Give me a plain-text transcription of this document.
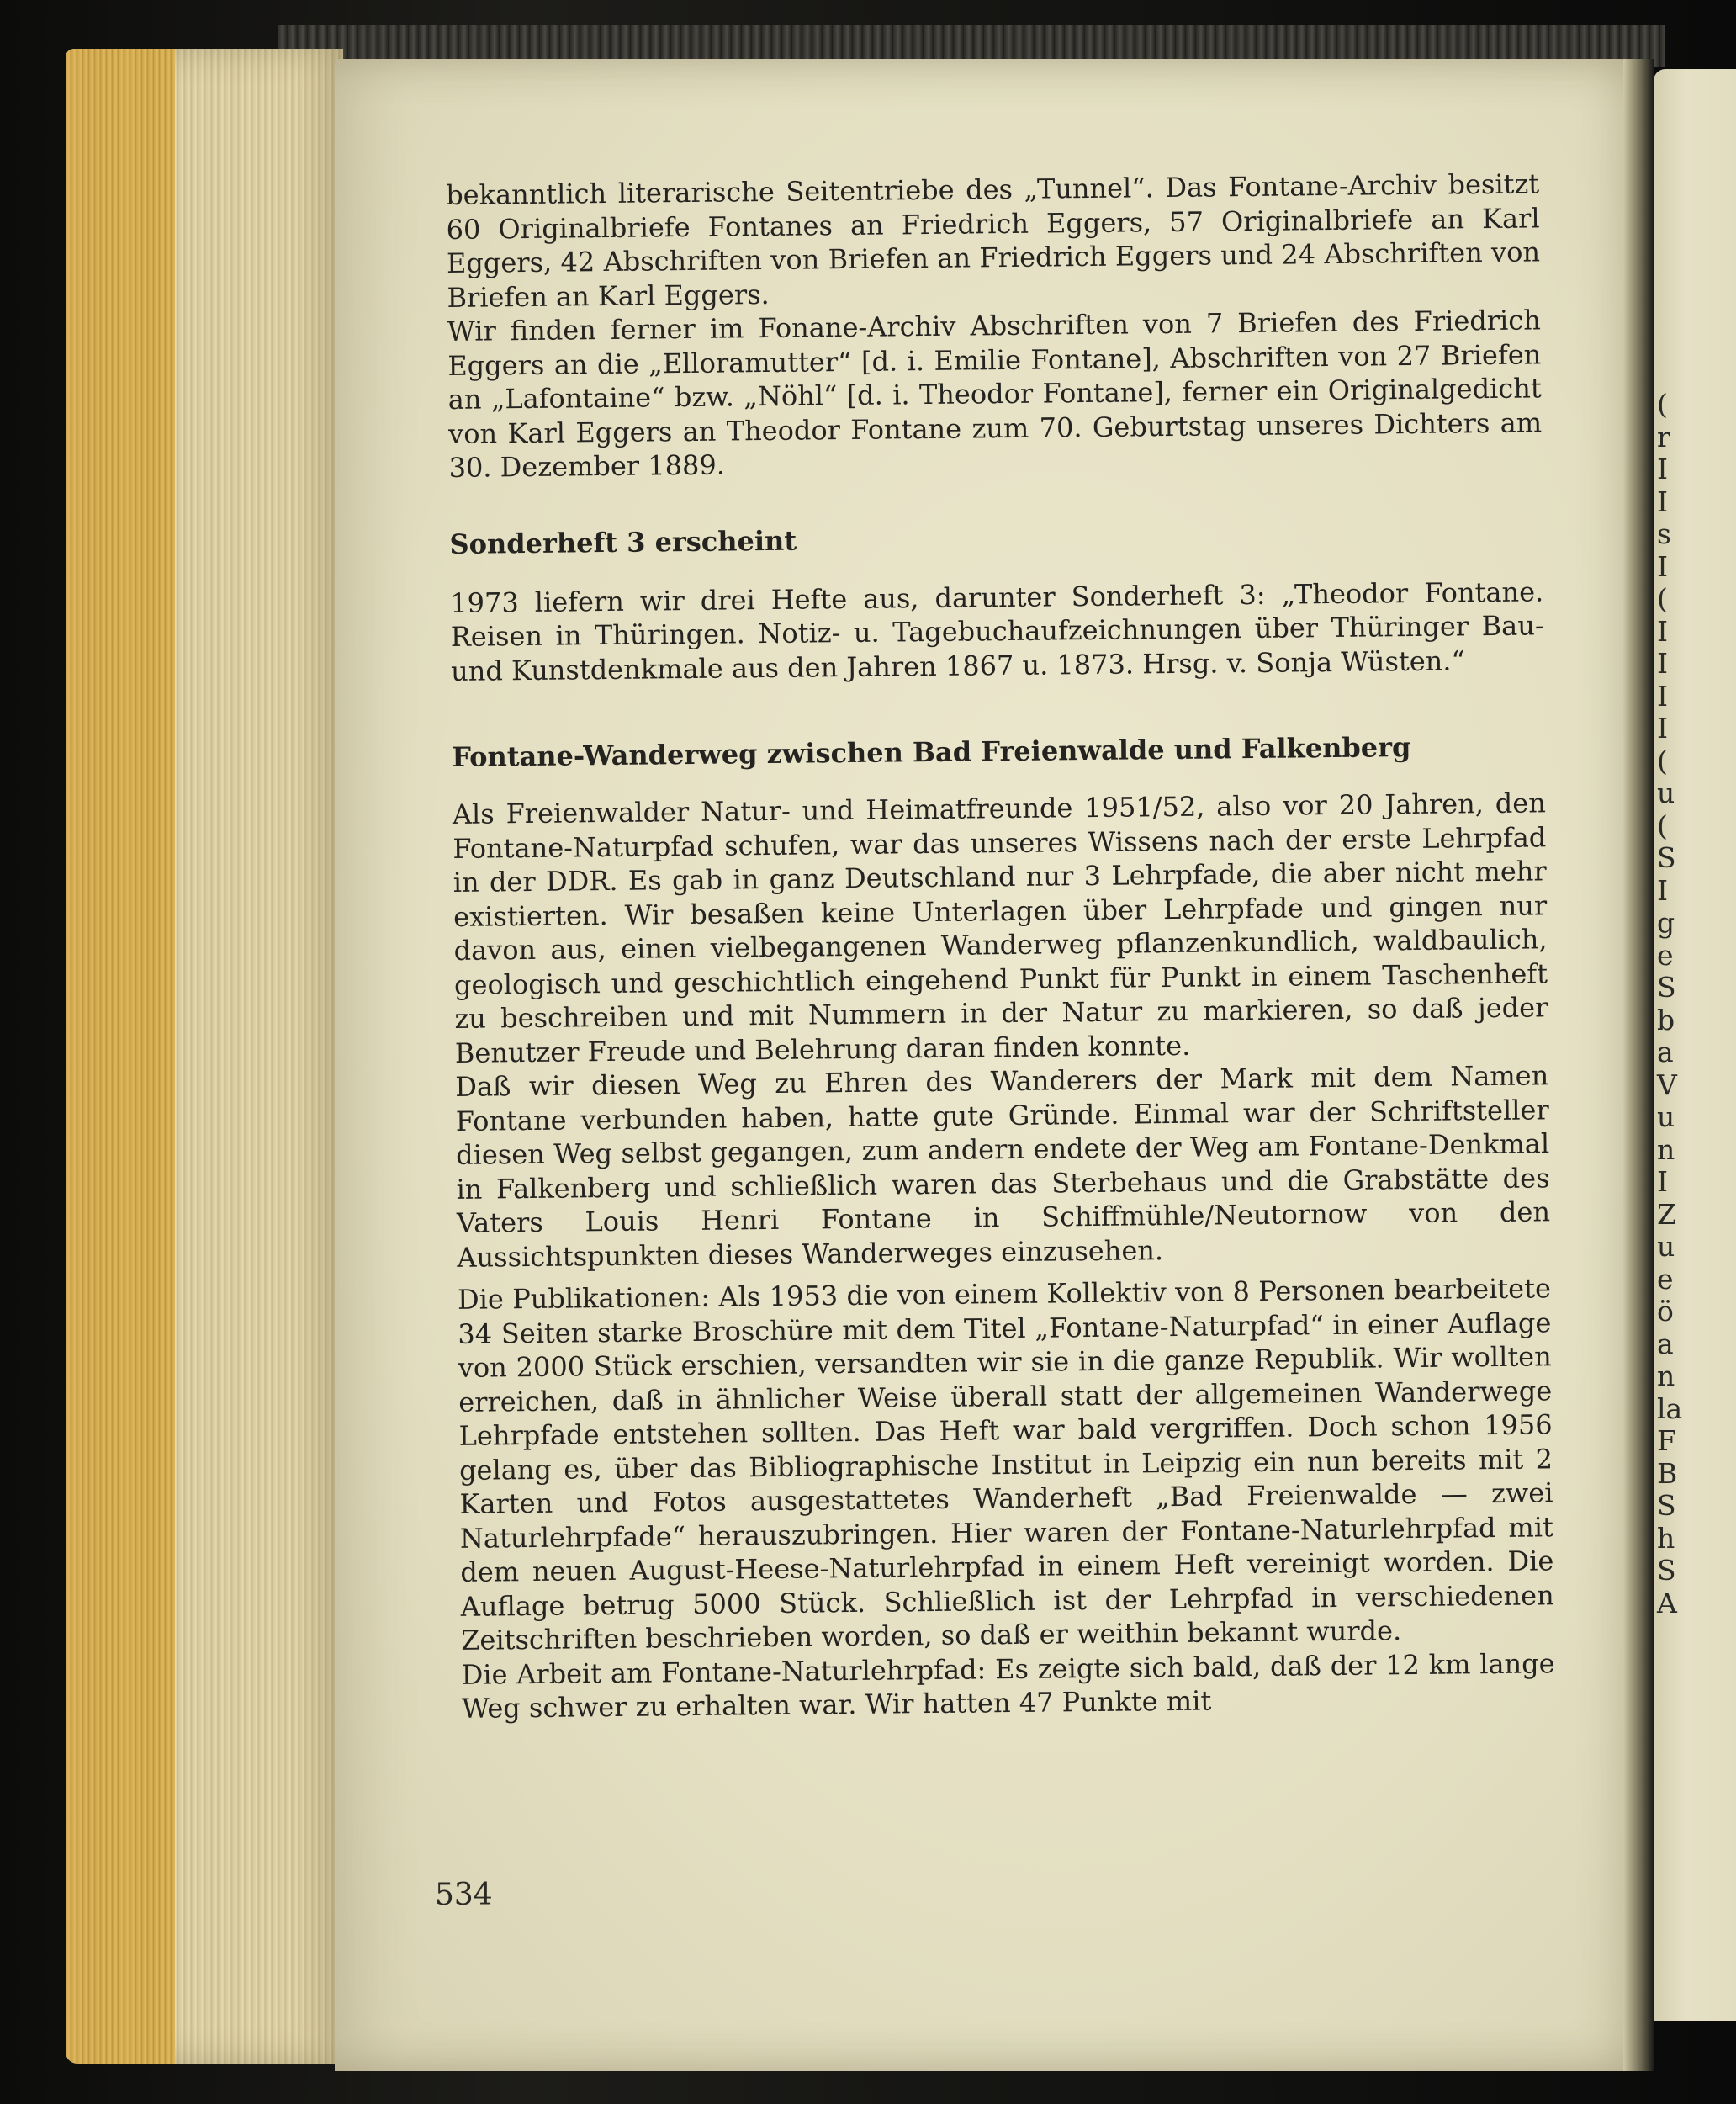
(
r
I
I
s
I
(
I
I
I
I
(
u
(
S
I
g
e
S
b
a
V
u
n
I
Z
u
e
ö
a
n
la
F
B
S
h
S
A

bekanntlich literarische Seitentriebe des „Tunnel“. Das Fontane-Archiv besitzt 60 Originalbriefe Fontanes an Friedrich Eggers, 57 Originalbriefe an Karl Eggers, 42 Abschriften von Briefen an Friedrich Eggers und 24 Abschriften von Briefen an Karl Eggers.

Wir finden ferner im Fonane-Archiv Abschriften von 7 Briefen des Friedrich Eggers an die „Elloramutter“ [d. i. Emilie Fontane], Abschriften von 27 Briefen an „Lafontaine“ bzw. „Nöhl“ [d. i. Theodor Fontane], ferner ein Originalgedicht von Karl Eggers an Theodor Fontane zum 70. Geburtstag unseres Dichters am 30. Dezember 1889.

Sonderheft 3 erscheint

1973 liefern wir drei Hefte aus, darunter Sonderheft 3: „Theodor Fontane. Reisen in Thüringen. Notiz- u. Tagebuchaufzeichnungen über Thüringer Bau- und Kunstdenkmale aus den Jahren 1867 u. 1873. Hrsg. v. Sonja Wüsten.“

Fontane-Wanderweg zwischen Bad Freienwalde und Falkenberg

Als Freienwalder Natur- und Heimatfreunde 1951/52, also vor 20 Jahren, den Fontane-Naturpfad schufen, war das unseres Wissens nach der erste Lehrpfad in der DDR. Es gab in ganz Deutschland nur 3 Lehrpfade, die aber nicht mehr existierten. Wir besaßen keine Unterlagen über Lehrpfade und gingen nur davon aus, einen vielbegangenen Wanderweg pflanzenkundlich, waldbaulich, geologisch und geschichtlich eingehend Punkt für Punkt in einem Taschenheft zu beschreiben und mit Nummern in der Natur zu markieren, so daß jeder Benutzer Freude und Belehrung daran finden konnte.

Daß wir diesen Weg zu Ehren des Wanderers der Mark mit dem Namen Fontane verbunden haben, hatte gute Gründe. Einmal war der Schriftsteller diesen Weg selbst gegangen, zum andern endete der Weg am Fontane-Denkmal in Falkenberg und schließlich waren das Sterbehaus und die Grabstätte des Vaters Louis Henri Fontane in Schiffmühle/Neutornow von den Aussichtspunkten dieses Wanderweges einzusehen.

Die Publikationen: Als 1953 die von einem Kollektiv von 8 Personen bearbeitete 34 Seiten starke Broschüre mit dem Titel „Fontane-Naturpfad“ in einer Auflage von 2000 Stück erschien, versandten wir sie in die ganze Republik. Wir wollten erreichen, daß in ähnlicher Weise überall statt der allgemeinen Wanderwege Lehrpfade entstehen sollten. Das Heft war bald vergriffen. Doch schon 1956 gelang es, über das Bibliographische Institut in Leipzig ein nun bereits mit 2 Karten und Fotos ausgestattetes Wanderheft „Bad Freienwalde — zwei Naturlehrpfade“ herauszubringen. Hier waren der Fontane-Naturlehrpfad mit dem neuen August-Heese-Naturlehrpfad in einem Heft vereinigt worden. Die Auflage betrug 5000 Stück. Schließlich ist der Lehrpfad in verschiedenen Zeitschriften beschrieben worden, so daß er weithin bekannt wurde.

Die Arbeit am Fontane-Naturlehrpfad: Es zeigte sich bald, daß der 12 km lange Weg schwer zu erhalten war. Wir hatten 47 Punkte mit

534
